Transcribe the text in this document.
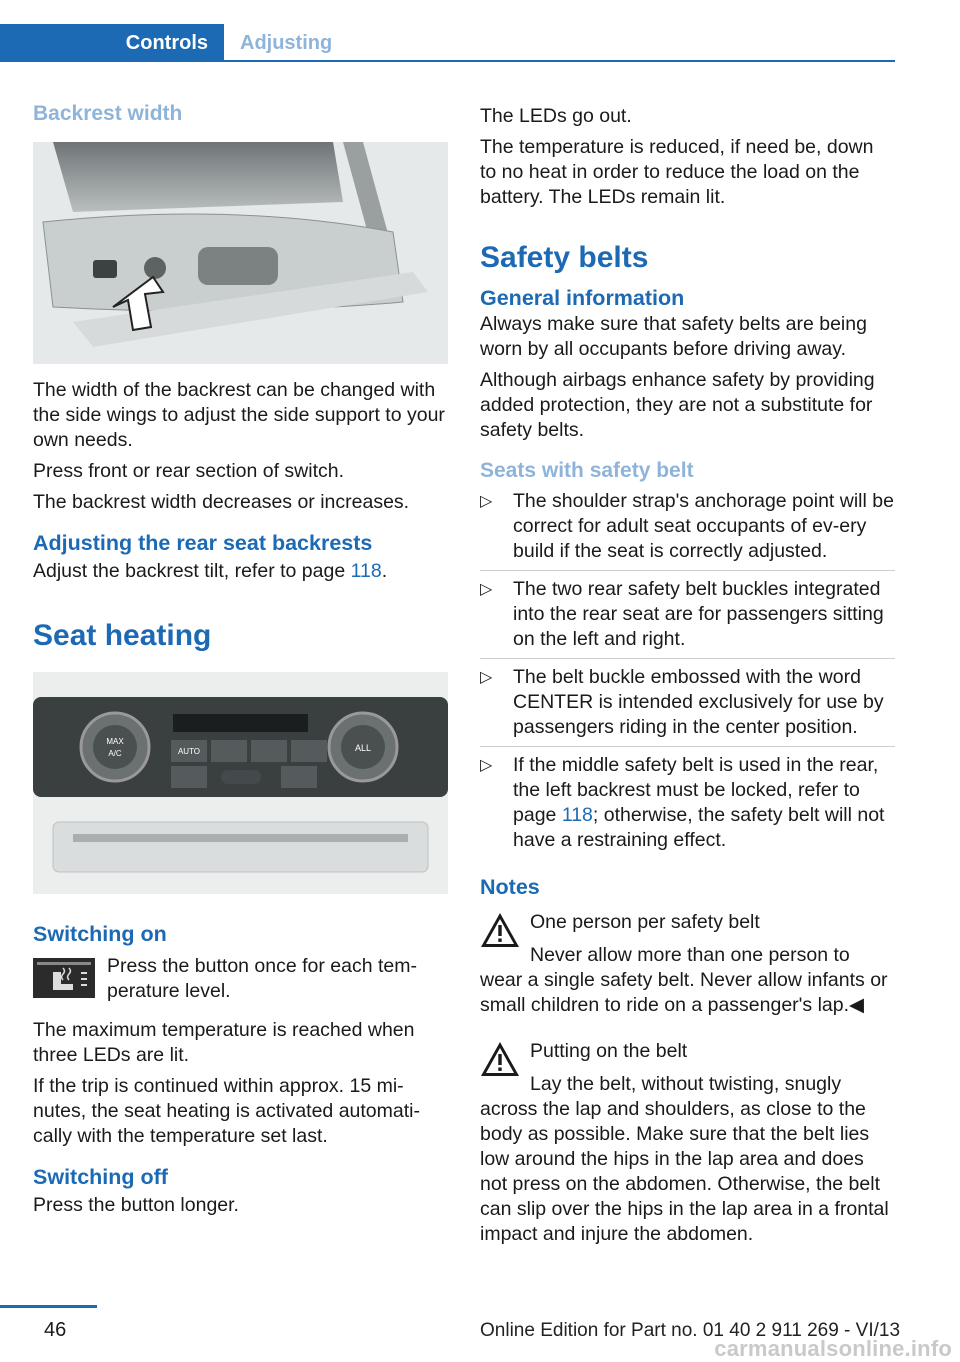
Controls	Adjusting
Backrest width

The width of the backrest can be changed with the side wings to adjust the side support to your own needs.

Press front or rear section of switch.

The backrest width decreases or increases.

Adjusting the rear seat backrests

Adjust the backrest tilt, refer to page 118.

Seat heating
MAX
A/C
ALL
AUTO
Switching on

Press the button once for each tem-perature level.

The maximum temperature is reached when three LEDs are lit.

If the trip is continued within approx. 15 mi-nutes, the seat heating is activated automati-cally with the temperature set last.

Switching off

Press the button longer.

The LEDs go out.

The temperature is reduced, if need be, down to no heat in order to reduce the load on the battery. The LEDs remain lit.

Safety belts
General information

Always make sure that safety belts are being worn by all occupants before driving away.

Although airbags enhance safety by providing added protection, they are not a substitute for safety belts.

Seats with safety belt
▷ The shoulder strap's anchorage point will be correct for adult seat occupants of ev-ery build if the seat is correctly adjusted.
▷ The two rear safety belt buckles integrated into the rear seat are for passengers sitting on the left and right.
▷ The belt buckle embossed with the word CENTER is intended exclusively for use by passengers riding in the center position.
▷ If the middle safety belt is used in the rear, the left backrest must be locked, refer to page 118; otherwise, the safety belt will not have a restraining effect.
Notes

One person per safety belt

Never allow more than one person to wear a single safety belt. Never allow infants or small children to ride on a passenger's lap.◀

Putting on the belt

Lay the belt, without twisting, snugly across the lap and shoulders, as close to the body as possible. Make sure that the belt lies low around the hips in the lap area and does not press on the abdomen. Otherwise, the belt can slip over the hips in the lap area in a frontal impact and injure the abdomen.

46	Online Edition for Part no. 01 40 2 911 269 - VI/13
carmanualsonline.info
